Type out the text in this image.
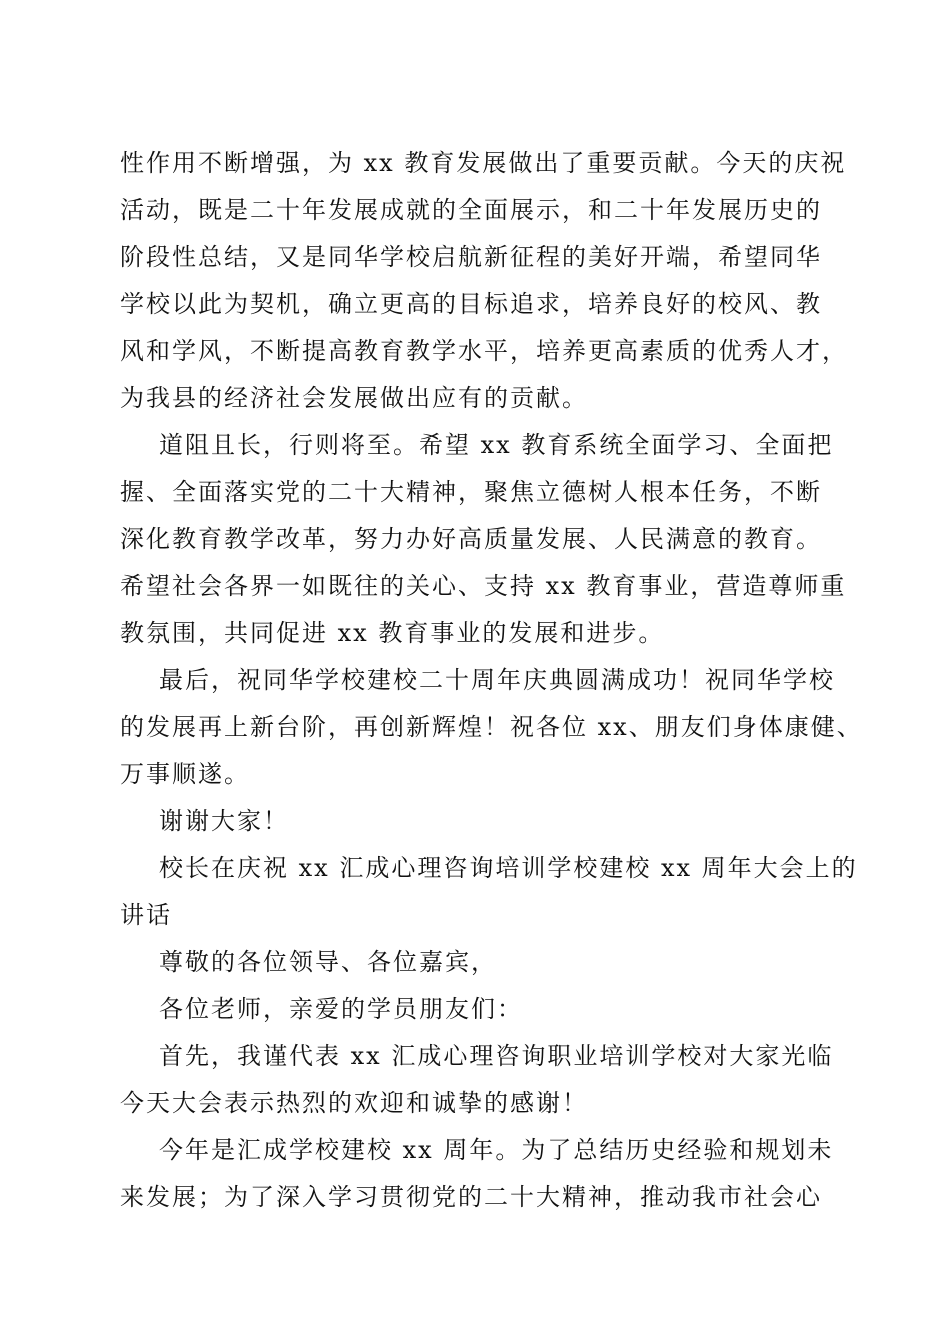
性作用不断增强，为 xx 教育发展做出了重要贡献。今天的庆祝
活动，既是二十年发展成就的全面展示，和二十年发展历史的
阶段性总结，又是同华学校启航新征程的美好开端，希望同华
学校以此为契机，确立更高的目标追求，培养良好的校风、教
风和学风，不断提高教育教学水平，培养更高素质的优秀人才，
为我县的经济社会发展做出应有的贡献。

道阻且长，行则将至。希望 xx 教育系统全面学习、全面把
握、全面落实党的二十大精神，聚焦立德树人根本任务，不断
深化教育教学改革，努力办好高质量发展、人民满意的教育。
希望社会各界一如既往的关心、支持 xx 教育事业，营造尊师重
教氛围，共同促进 xx 教育事业的发展和进步。

最后，祝同华学校建校二十周年庆典圆满成功！祝同华学校
的发展再上新台阶，再创新辉煌！祝各位 xx、朋友们身体康健、
万事顺遂。

谢谢大家！

校长在庆祝 xx 汇成心理咨询培训学校建校 xx 周年大会上的
讲话

尊敬的各位领导、各位嘉宾，

各位老师，亲爱的学员朋友们：

首先，我谨代表 xx 汇成心理咨询职业培训学校对大家光临
今天大会表示热烈的欢迎和诚挚的感谢！

今年是汇成学校建校 xx 周年。为了总结历史经验和规划未
来发展；为了深入学习贯彻党的二十大精神，推动我市社会心
